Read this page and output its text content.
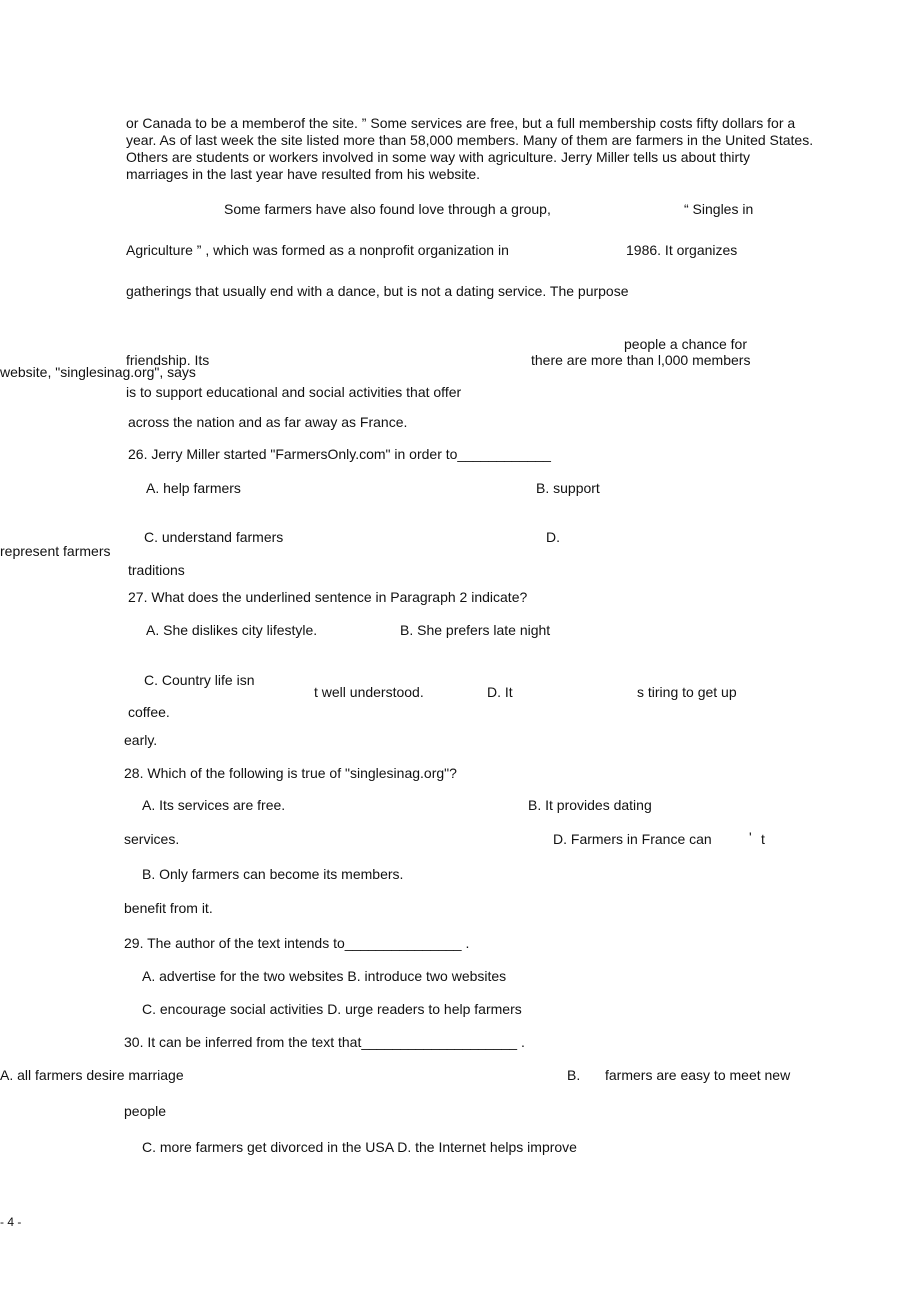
or Canada to be a memberof the site. ” Some services are free, but a full membership costs fifty dollars for a year. As of last week the site listed more than 58,000 members. Many of them are farmers in the United States. Others are students or workers involved in some way with agriculture. Jerry Miller tells us about thirty marriages in the last year have resulted from his website.
Some farmers have also found love through a group,	“ Singles in
Agriculture ” , which was formed as a nonprofit organization in	1986. It organizes
gatherings that usually end with a dance, but is not a dating service. The purpose
people a chance for
friendship. Its	there are more than l,000 members
website, "singlesinag.org", says
is to support educational and social activities that offer
across the nation and as far away as France.
26. Jerry Miller started "FarmersOnly.com" in order to____________
A. help farmers	B. support
C. understand farmers	D.
represent farmers
traditions
27. What does the underlined sentence in Paragraph 2 indicate?
A. She dislikes city lifestyle.	B. She prefers late night
C. Country life isn
t well understood.	D. It	s tiring to get up
coffee.
early.
28. Which of the following is true of "singlesinag.org"?
A. Its services are free.	B. It provides dating
services.	D. Farmers in France can	' t
B. Only farmers can become its members.
benefit from it.
29. The author of the text intends to_______________ .
A. advertise for the two websites B. introduce two websites
C. encourage social activities D. urge readers to help farmers
30. It can be inferred from the text that____________________ .
A. all farmers desire marriage	B. farmers are easy to meet new
people
C. more farmers get divorced in the USA D. the Internet helps improve
- 4 -
